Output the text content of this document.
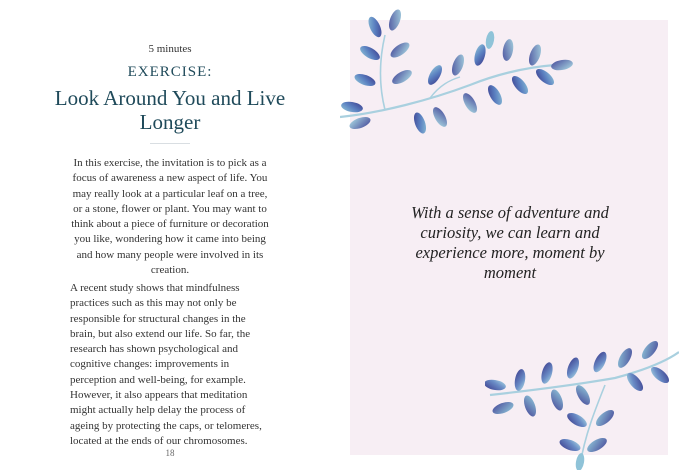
5 minutes
EXERCISE:
Look Around You and Live Longer

In this exercise, the invitation is to pick as a focus of awareness a new aspect of life. You may really look at a particular leaf on a tree, or a stone, flower or plant. You may want to think about a piece of furniture or decoration you like, wondering how it came into being and how many people were involved in its creation.

A recent study shows that mindfulness practices such as this may not only be responsible for structural changes in the brain, but also extend our life. So far, the research has shown psychological and cognitive changes: improvements in perception and well-being, for example. However, it also appears that meditation might actually help delay the process of ageing by protecting the caps, or telomeres, located at the ends of our chromosomes.

18

With a sense of adventure and curiosity, we can learn and experience more, moment by moment
